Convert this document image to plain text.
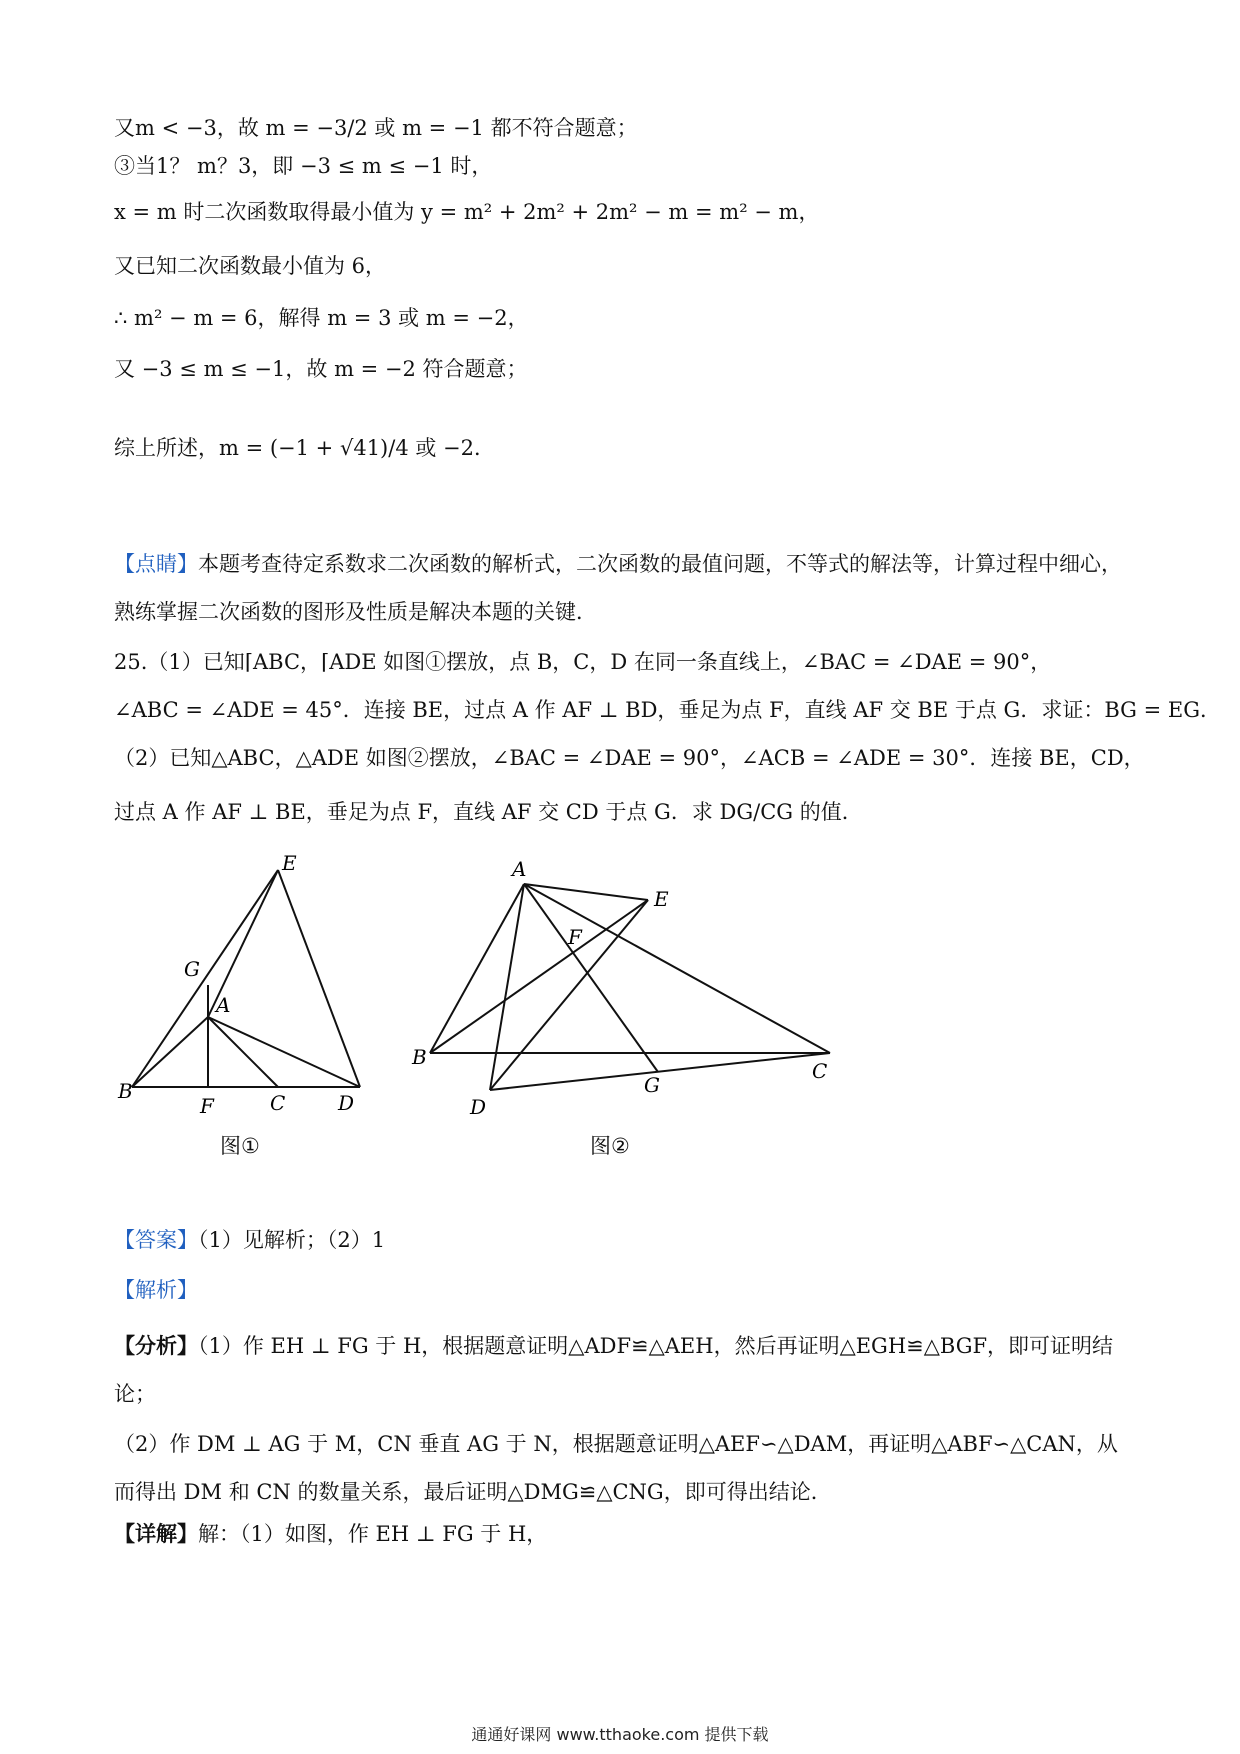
又m < −3，故 m = −3/2 或 m = −1 都不符合题意；
③当1？ m？3，即 −3 ≤ m ≤ −1 时，
x = m 时二次函数取得最小值为 y = m² + 2m² + 2m² − m = m² − m，
又已知二次函数最小值为 6，
∴ m² − m = 6，解得 m = 3 或 m = −2，
又 −3 ≤ m ≤ −1，故 m = −2 符合题意；
综上所述，m = (−1 + √41)/4 或 −2．
【点睛】本题考查待定系数求二次函数的解析式，二次函数的最值问题，不等式的解法等，计算过程中细心，熟练掌握二次函数的图形及性质是解决本题的关键．
25.（1）已知⌈ABC，⌈ADE 如图①摆放，点 B，C，D 在同一条直线上，∠BAC = ∠DAE = 90°，
∠ABC = ∠ADE = 45°．连接 BE，过点 A 作 AF ⊥ BD，垂足为点 F，直线 AF 交 BE 于点 G．求证：BG = EG．
（2）已知△ABC，△ADE 如图②摆放，∠BAC = ∠DAE = 90°，∠ACB = ∠ADE = 30°．连接 BE，CD，
过点 A 作 AF ⊥ BE，垂足为点 F，直线 AF 交 CD 于点 G．求 DG/CG 的值．
E
G
A
B
F	C	D
图①
A
E
F
B
C
D
G
图②
【答案】（1）见解析；（2）1
【解析】
【分析】（1）作 EH ⊥ FG 于 H，根据题意证明△ADF≌△AEH，然后再证明△EGH≌△BGF，即可证明结论；
（2）作 DM ⊥ AG 于 M，CN 垂直 AG 于 N，根据题意证明△AEF∽△DAM，再证明△ABF∽△CAN，从而得出 DM 和 CN 的数量关系，最后证明△DMG≌△CNG，即可得出结论．
【详解】解：（1）如图，作 EH ⊥ FG 于 H，
通通好课网 www.tthaoke.com 提供下载
